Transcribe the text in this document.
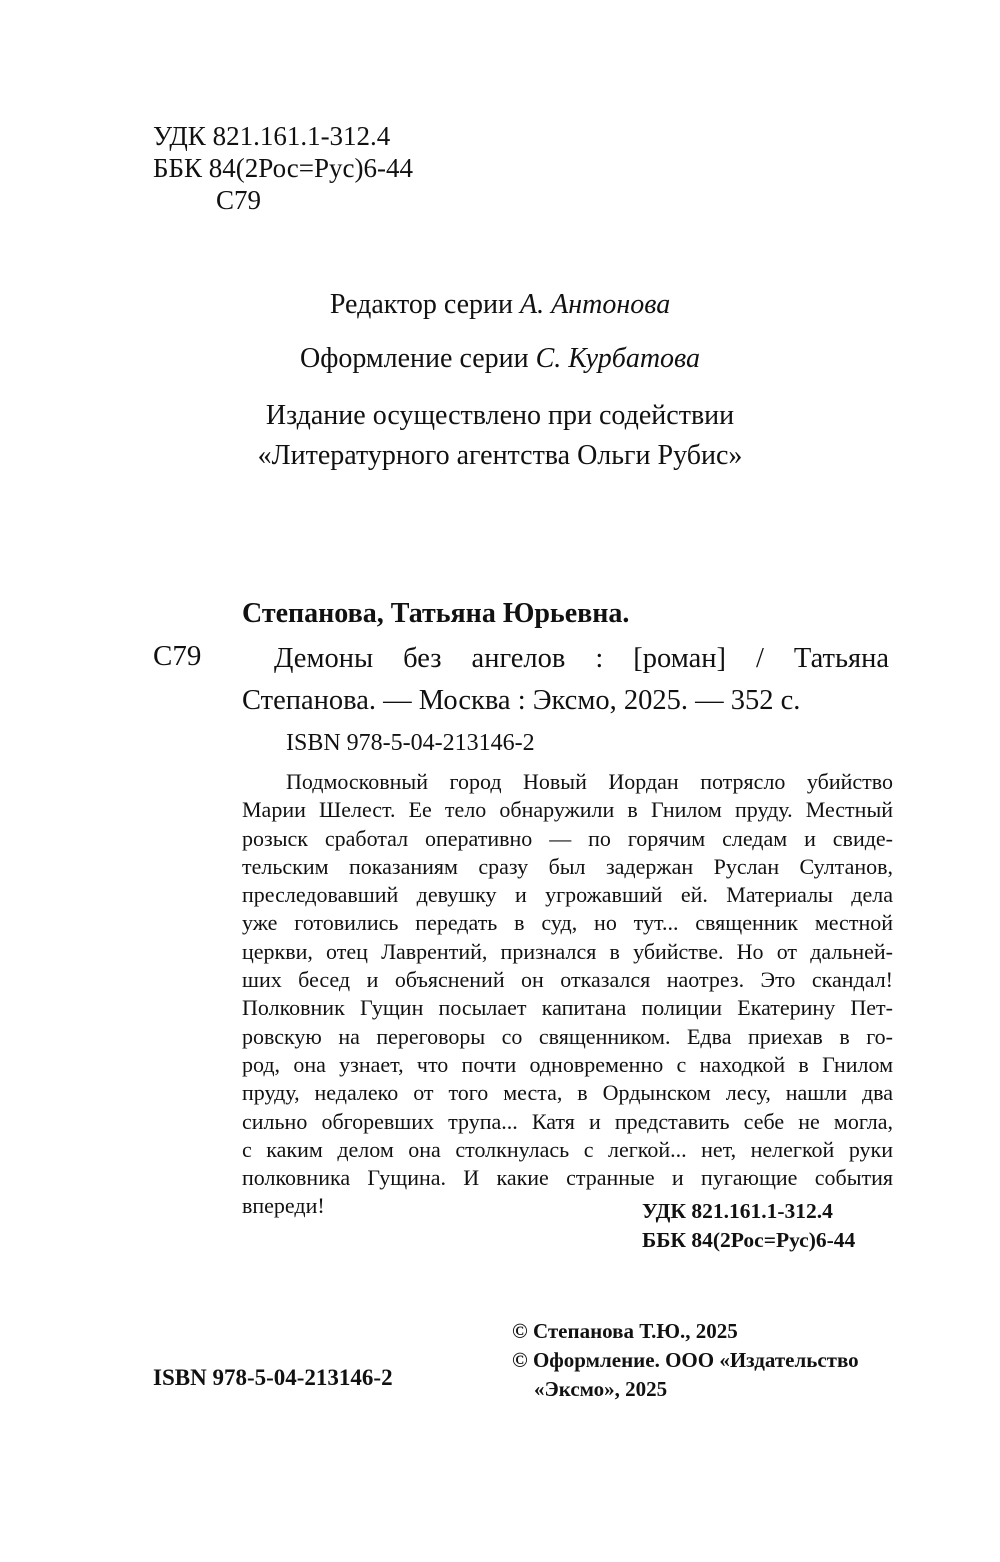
УДК 821.161.1-312.4
ББК 84(2Рос=Рус)6-44
С79
Редактор серии А. Антонова
Оформление серии С. Курбатова
Издание осуществлено при содействии
«Литературного агентства Ольги Рубис»
Степанова, Татьяна Юрьевна.
С79	Демоны без ангелов : [роман] / Татьяна
Степанова. — Москва : Эксмо, 2025. — 352 с.
ISBN 978-5-04-213146-2
Подмосковный город Новый Иордан потрясло убийство
Марии Шелест. Ее тело обнаружили в Гнилом пруду. Местный
розыск сработал оперативно — по горячим следам и свиде-
тельским показаниям сразу был задержан Руслан Султанов,
преследовавший девушку и угрожавший ей. Материалы дела
уже готовились передать в суд, но тут... священник местной
церкви, отец Лаврентий, признался в убийстве. Но от дальней-
ших бесед и объяснений он отказался наотрез. Это скандал!
Полковник Гущин посылает капитана полиции Екатерину Пет-
ровскую на переговоры со священником. Едва приехав в го-
род, она узнает, что почти одновременно с находкой в Гнилом
пруду, недалеко от того места, в Ордынском лесу, нашли два
сильно обгоревших трупа... Катя и представить себе не могла,
с каким делом она столкнулась с легкой... нет, нелегкой руки
полковника Гущина. И какие странные и пугающие события
впереди!	УДК 821.161.1-312.4
ББК 84(2Рос=Рус)6-44
© Степанова Т.Ю., 2025
© Оформление. ООО «Издательство
«Эксмо», 2025
ISBN 978-5-04-213146-2
